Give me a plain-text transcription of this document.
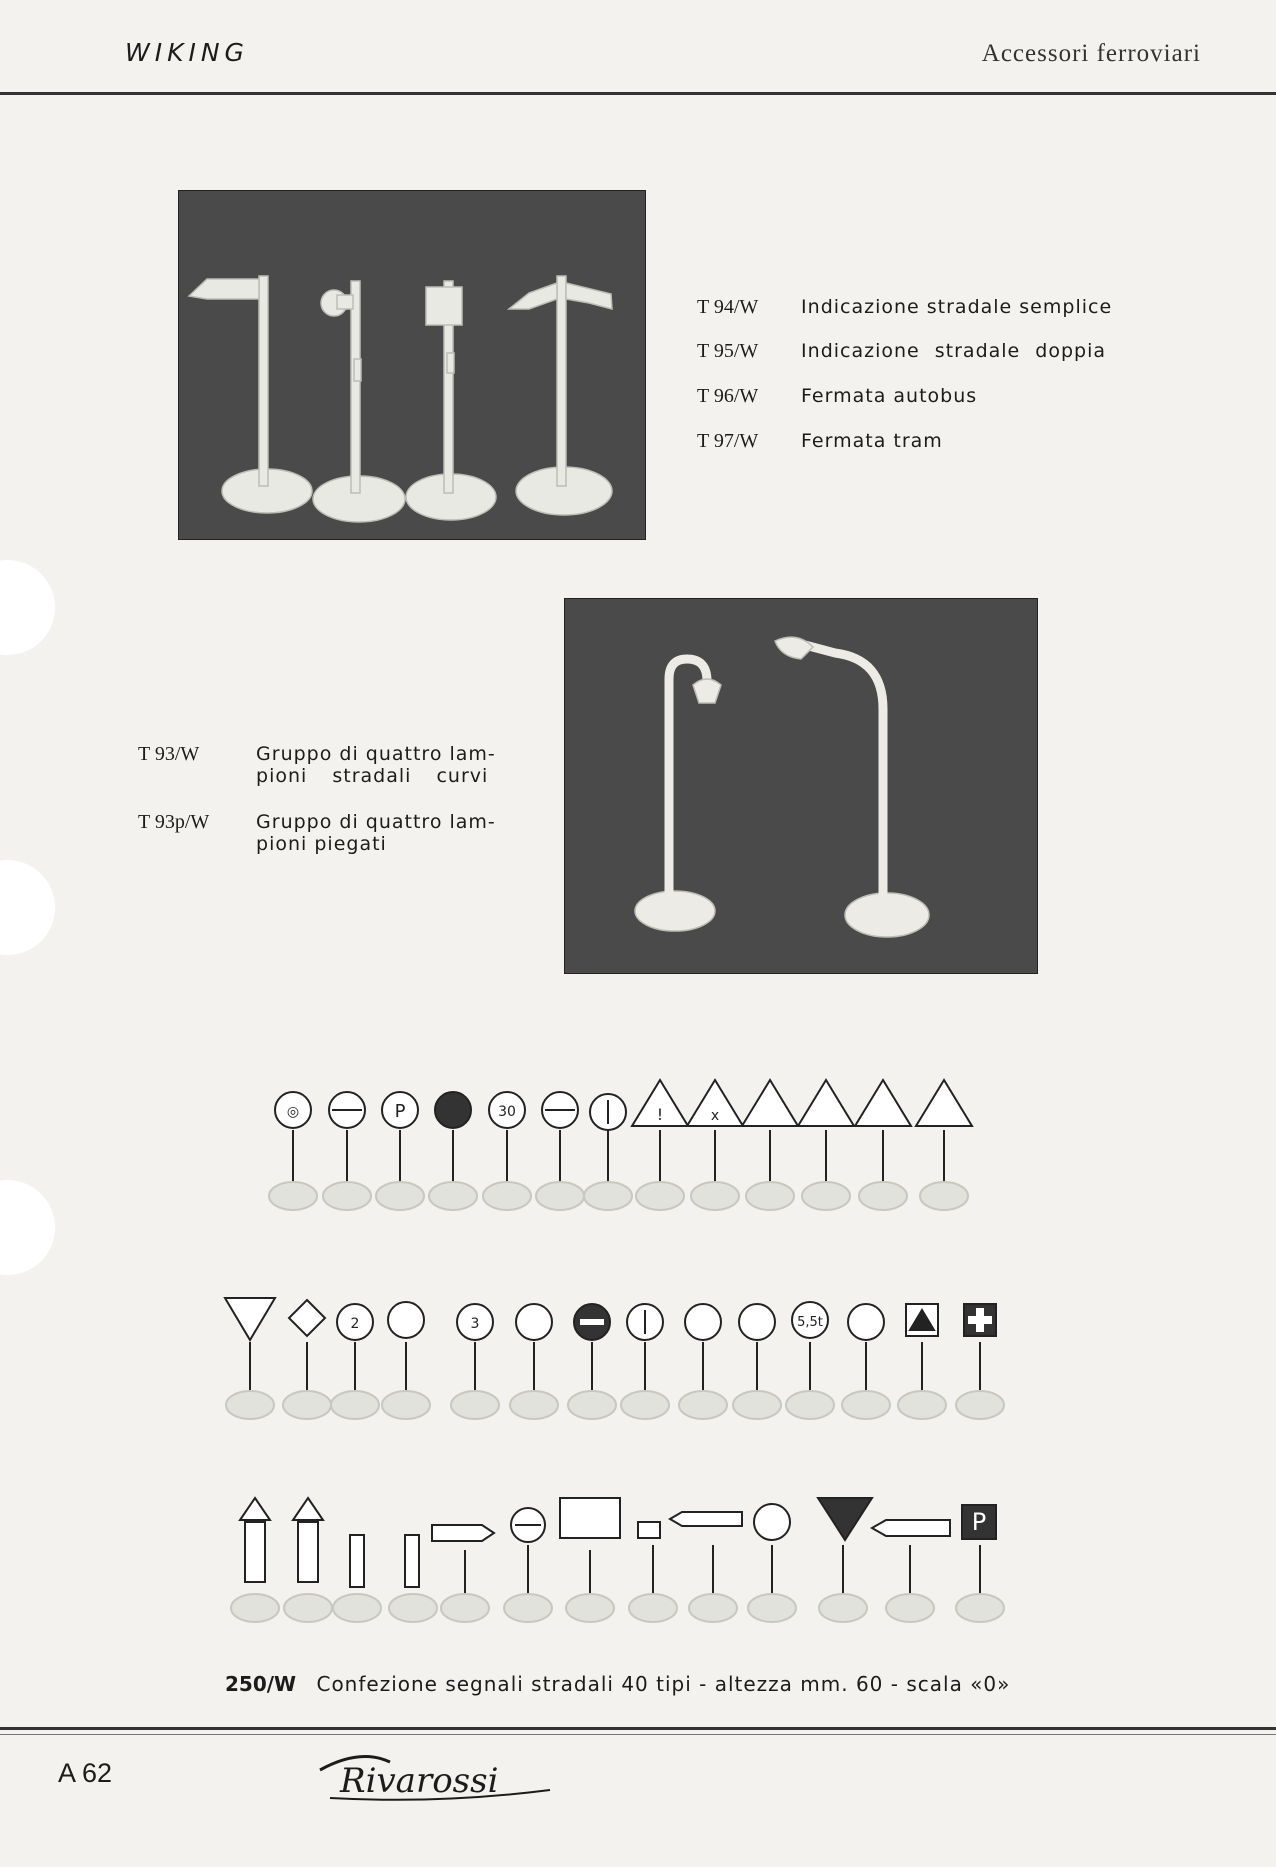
WIKING	Accessori ferroviari
T 94/W Indicazione stradale semplice
T 95/W Indicazione stradale doppia
T 96/W Fermata autobus
T 97/W Fermata tram
T 93/W	Gruppo di quattro lam-
pioni stradali curvi
T 93p/W Gruppo di quattro lam-
pioni piegati
◎	P	30	!	x
2	3	5,5t
P
250/W Confezione segnali stradali 40 tipi - altezza mm. 60 - scala «0»
A 62	Rivarossi
